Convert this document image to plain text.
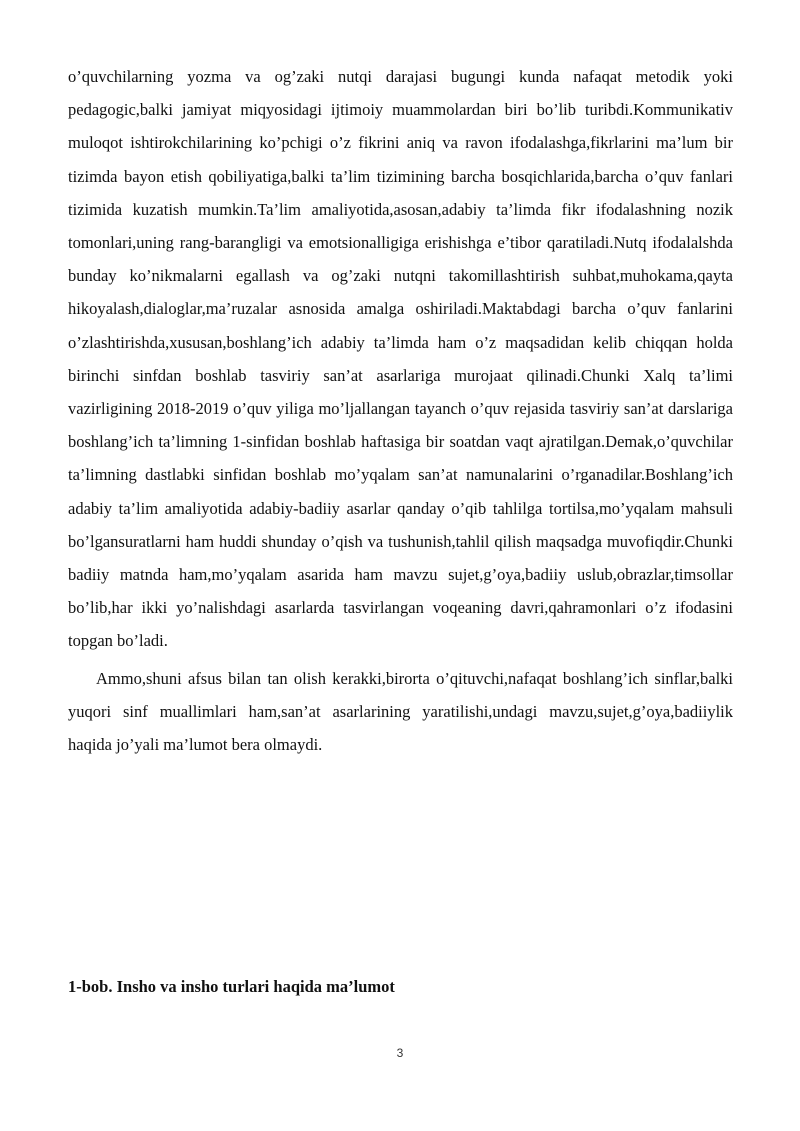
o’quvchilarning yozma va og’zaki nutqi darajasi bugungi kunda nafaqat metodik yoki pedagogic,balki jamiyat miqyosidagi ijtimoiy muammolardan biri bo’lib turibdi.Kommunikativ muloqot ishtirokchilarining ko’pchigi o’z fikrini aniq va ravon ifodalashga,fikrlarini ma’lum bir tizimda bayon etish qobiliyatiga,balki ta’lim tizimining barcha bosqichlarida,barcha o’quv fanlari tizimida kuzatish mumkin.Ta’lim amaliyotida,asosan,adabiy ta’limda fikr ifodalashning nozik tomonlari,uning rang-barangligi va emotsionalligiga erishishga e’tibor qaratiladi.Nutq ifodalalshda bunday ko’nikmalarni egallash va og’zaki nutqni takomillashtirish suhbat,muhokama,qayta hikoyalash,dialoglar,ma’ruzalar asnosida amalga oshiriladi.Maktabdagi barcha o’quv fanlarini o’zlashtirishda,xususan,boshlang’ich adabiy ta’limda ham o’z maqsadidan kelib chiqqan holda birinchi sinfdan boshlab tasviriy san’at asarlariga murojaat qilinadi.Chunki Xalq ta’limi vazirligining 2018-2019 o’quv yiliga mo’ljallangan tayanch o’quv rejasida tasviriy san’at darslariga boshlang’ich ta’limning 1-sinfidan boshlab haftasiga bir soatdan vaqt ajratilgan.Demak,o’quvchilar ta’limning dastlabki sinfidan boshlab mo’yqalam san’at namunalarini o’rganadilar.Boshlang’ich adabiy ta’lim amaliyotida adabiy-badiiy asarlar qanday o’qib tahlilga tortilsa,mo’yqalam mahsuli bo’lgansuratlarni ham huddi shunday o’qish va tushunish,tahlil qilish maqsadga muvofiqdir.Chunki badiiy matnda ham,mo’yqalam asarida ham mavzu sujet,g’oya,badiiy uslub,obrazlar,timsollar bo’lib,har ikki yo’nalishdagi asarlarda tasvirlangan voqeaning davri,qahramonlari o’z ifodasini topgan bo’ladi.

Ammo,shuni afsus bilan tan olish kerakki,birorta o’qituvchi,nafaqat boshlang’ich sinflar,balki yuqori sinf muallimlari ham,san’at asarlarining yaratilishi,undagi mavzu,sujet,g’oya,badiiylik haqida jo’yali ma’lumot bera olmaydi.

1-bob. Insho va insho turlari haqida ma’lumot
3
